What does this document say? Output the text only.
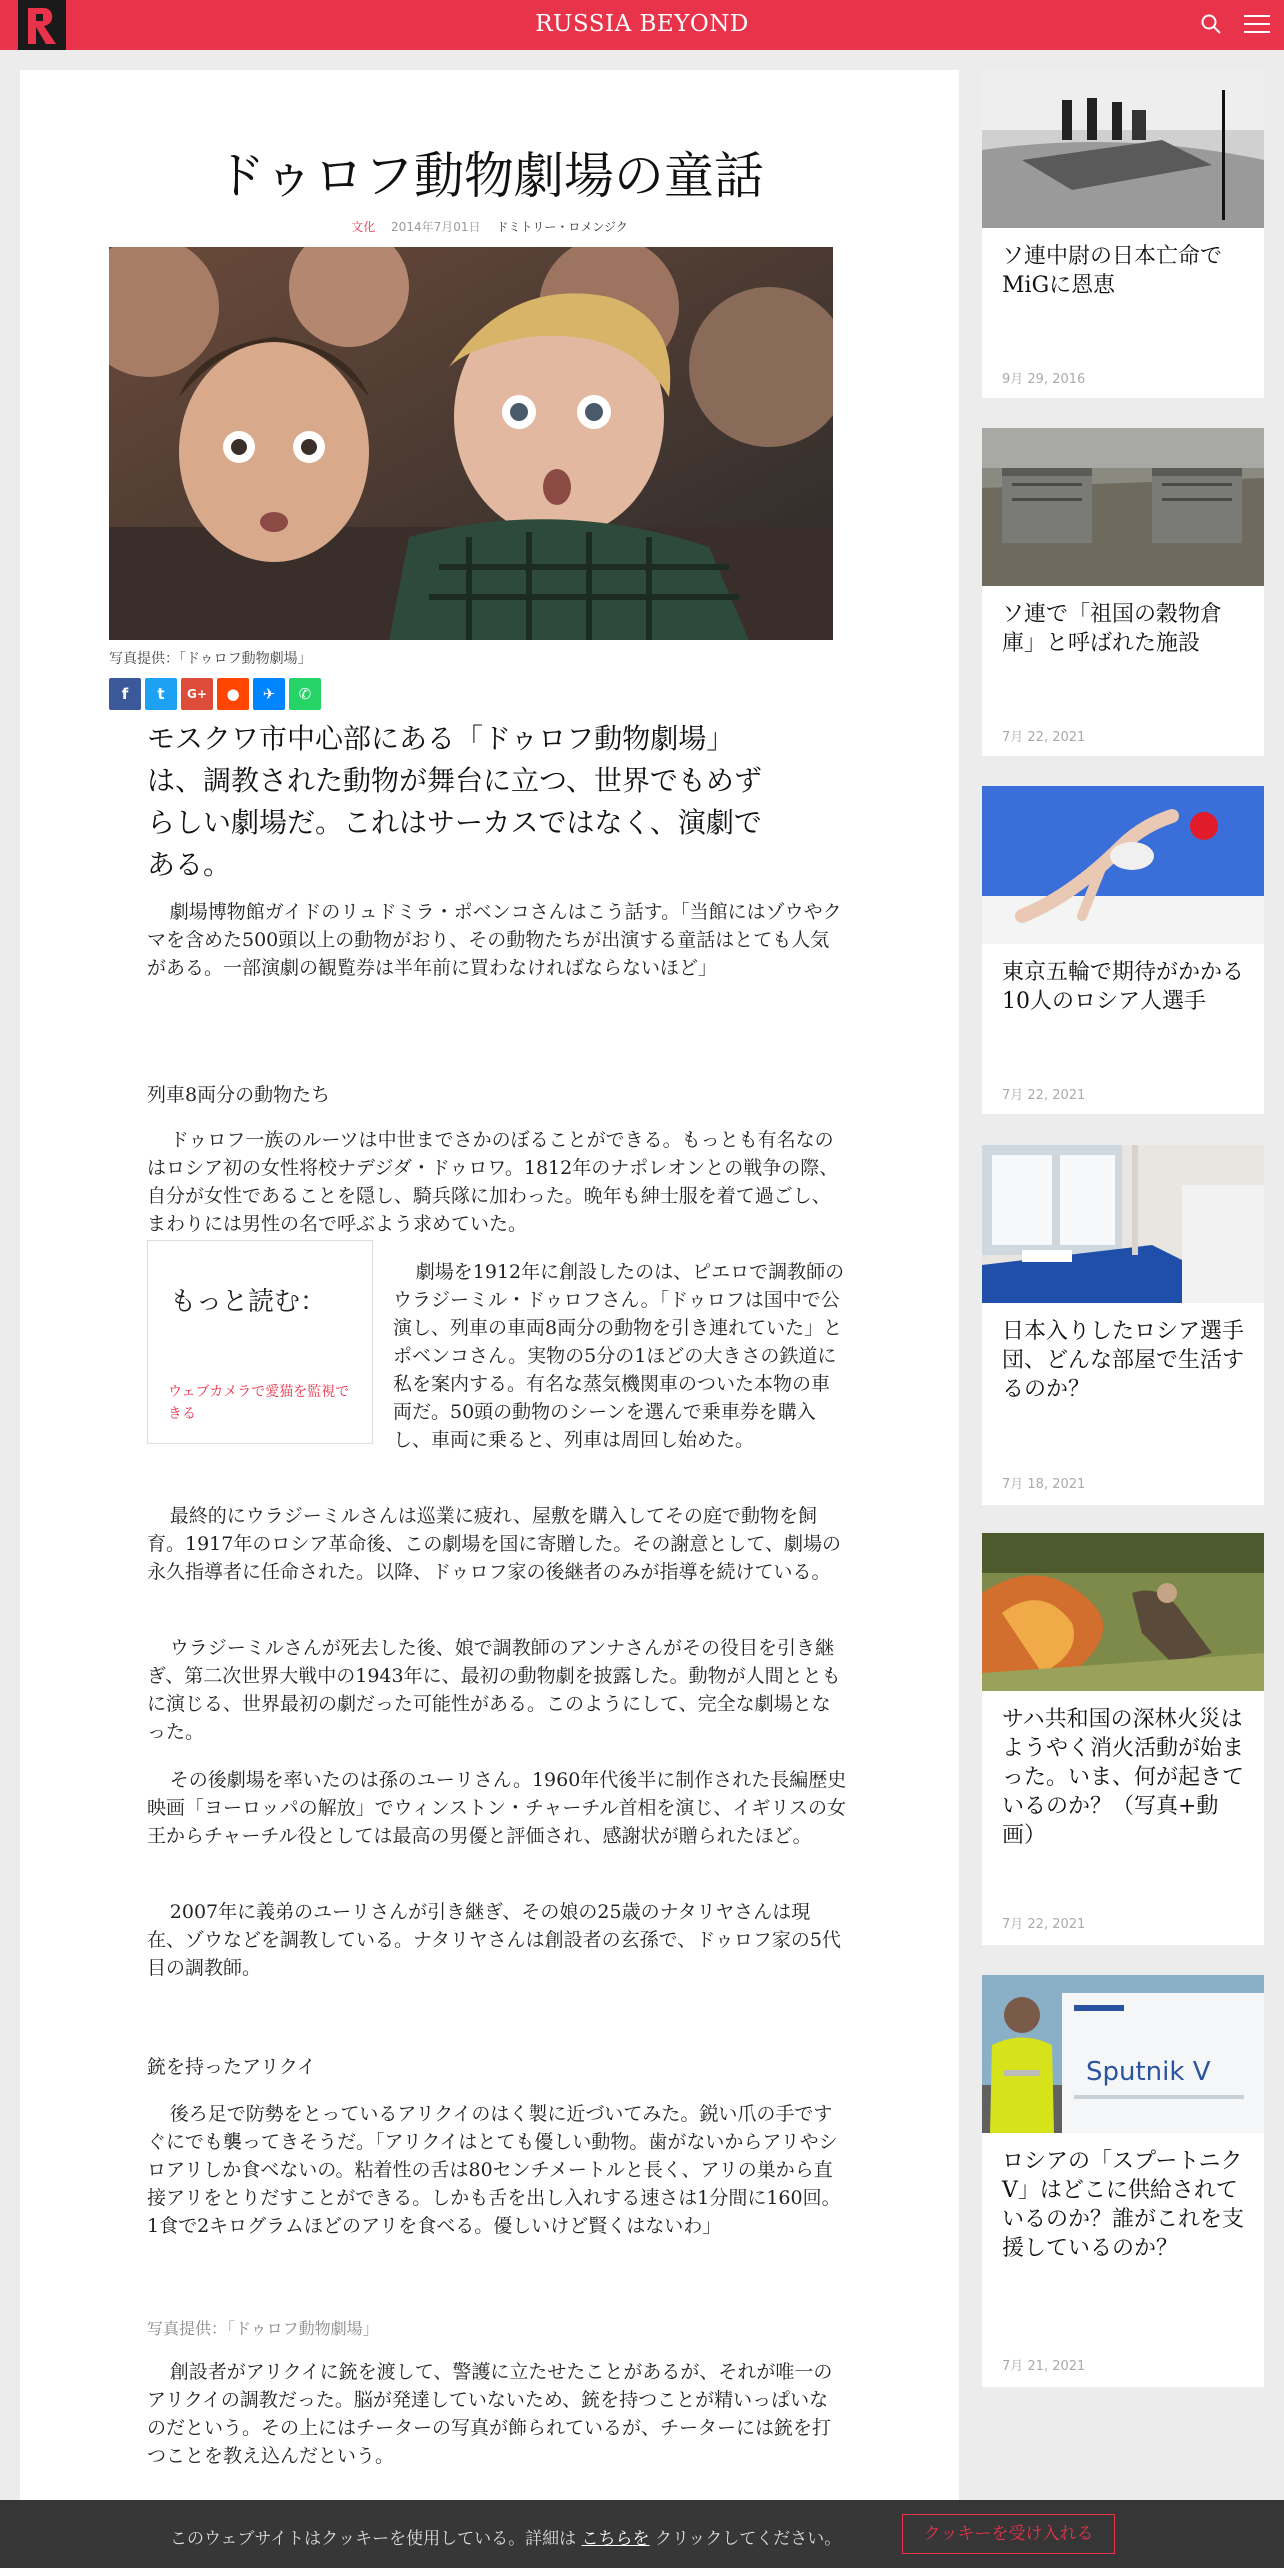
RUSSIA BEYOND
ドゥロフ動物劇場の童話
文化 2014年7月01日 ドミトリー・ロメンジク
写真提供：「ドゥロフ動物劇場」
f	t	G+	●	✈	✆
モスクワ市中心部にある「ドゥロフ動物劇場」
は、調教された動物が舞台に立つ、世界でもめず
らしい劇場だ。これはサーカスではなく、演劇で
ある。

劇場博物館ガイドのリュドミラ・ポベンコさんはこう話す。「当館にはゾウやクマを含めた500頭以上の動物がおり、その動物たちが出演する童話はとても人気がある。一部演劇の観覧券は半年前に買わなければならないほど」

列車8両分の動物たち

ドゥロフ一族のルーツは中世までさかのぼることができる。もっとも有名なのはロシア初の女性将校ナデジダ・ドゥロワ。1812年のナポレオンとの戦争の際、自分が女性であることを隠し、騎兵隊に加わった。晩年も紳士服を着て過ごし、まわりには男性の名で呼ぶよう求めていた。

もっと読む：
ウェブカメラで愛猫を監視できる

劇場を1912年に創設したのは、ピエロで調教師のウラジーミル・ドゥロフさん。「ドゥロフは国中で公演し、列車の車両8両分の動物を引き連れていた」とポベンコさん。実物の5分の1ほどの大きさの鉄道に私を案内する。有名な蒸気機関車のついた本物の車両だ。50頭の動物のシーンを選んで乗車券を購入し、車両に乗ると、列車は周回し始めた。

最終的にウラジーミルさんは巡業に疲れ、屋敷を購入してその庭で動物を飼育。1917年のロシア革命後、この劇場を国に寄贈した。その謝意として、劇場の永久指導者に任命された。以降、ドゥロフ家の後継者のみが指導を続けている。

ウラジーミルさんが死去した後、娘で調教師のアンナさんがその役目を引き継ぎ、第二次世界大戦中の1943年に、最初の動物劇を披露した。動物が人間とともに演じる、世界最初の劇だった可能性がある。このようにして、完全な劇場となった。

その後劇場を率いたのは孫のユーリさん。1960年代後半に制作された長編歴史映画「ヨーロッパの解放」でウィンストン・チャーチル首相を演じ、イギリスの女王からチャーチル役としては最高の男優と評価され、感謝状が贈られたほど。

2007年に義弟のユーリさんが引き継ぎ、その娘の25歳のナタリヤさんは現在、ゾウなどを調教している。ナタリヤさんは創設者の玄孫で、ドゥロフ家の5代目の調教師。

銃を持ったアリクイ

後ろ足で防勢をとっているアリクイのはく製に近づいてみた。鋭い爪の手ですぐにでも襲ってきそうだ。「アリクイはとても優しい動物。歯がないからアリやシロアリしか食べないの。粘着性の舌は80センチメートルと長く、アリの巣から直接アリをとりだすことができる。しかも舌を出し入れする速さは1分間に160回。1食で2キログラムほどのアリを食べる。優しいけど賢くはないわ」

写真提供：「ドゥロフ動物劇場」

創設者がアリクイに銃を渡して、警護に立たせたことがあるが、それが唯一のアリクイの調教だった。脳が発達していないため、銃を持つことが精いっぱいなのだという。その上にはチーターの写真が飾られているが、チーターには銃を打つことを教え込んだという。

ソ連中尉の日本亡命で
MiGに恩恵
9月 29, 2016
ソ連で「祖国の穀物倉庫」と呼ばれた施設
7月 22, 2021
東京五輪で期待がかかる10人のロシア人選手
7月 22, 2021
日本入りしたロシア選手団、どんな部屋で生活するのか？
7月 18, 2021
サハ共和国の深林火災はようやく消火活動が始まった。いま、何が起きているのか？（写真+動画）
7月 22, 2021
Sputnik V
ロシアの「スプートニクV」はどこに供給されているのか？誰がこれを支援しているのか？
7月 21, 2021
このウェブサイトはクッキーを使用している。詳細は こちらを クリックしてください。	クッキーを受け入れる
